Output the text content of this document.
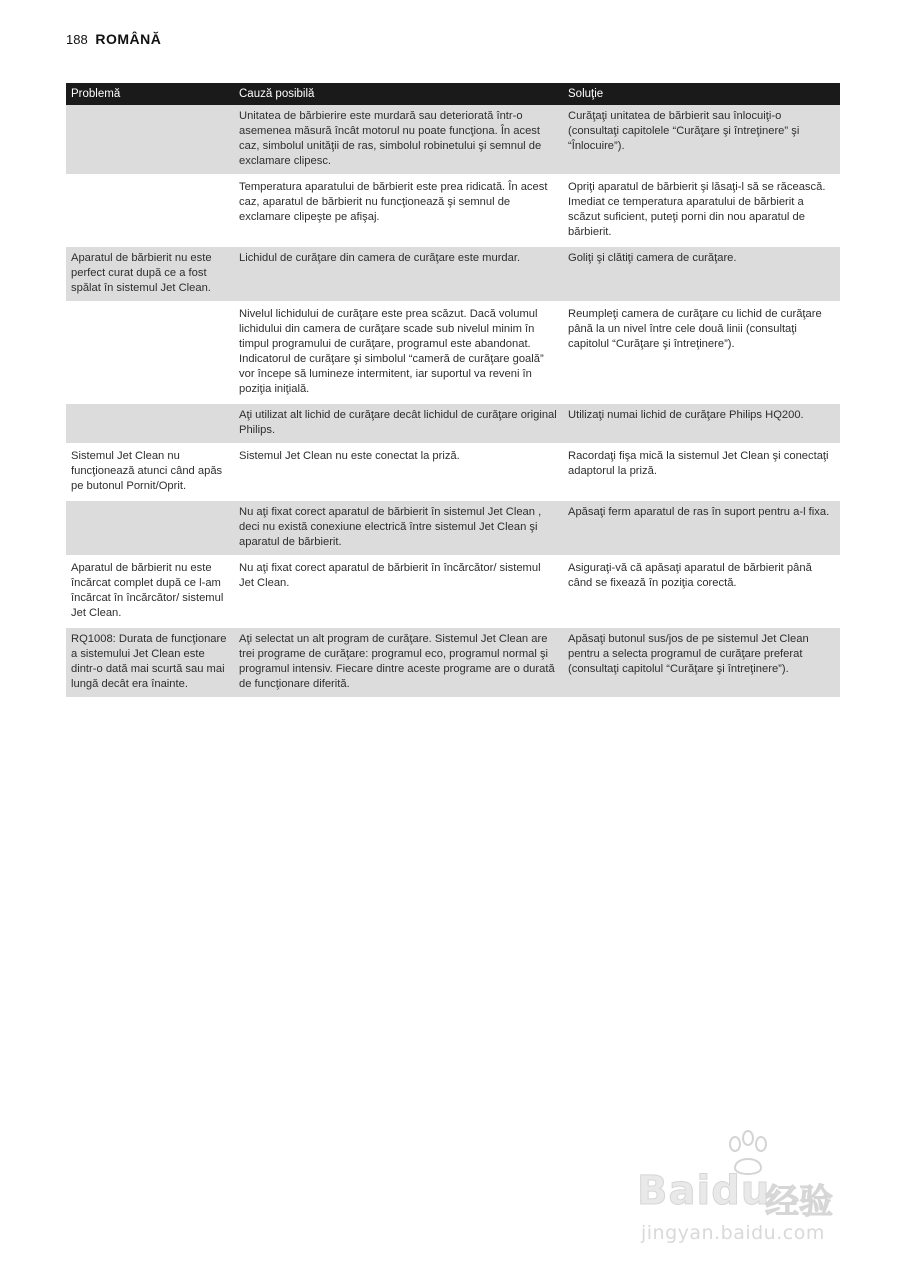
188 ROMÂNĂ
Problemă	Cauză posibilă	Soluţie
	Unitatea de bărbierire este murdară sau deteriorată într-o asemenea măsură încât motorul nu poate funcţiona. În acest caz, simbolul unităţii de ras, simbolul robinetului şi semnul de exclamare clipesc.	Curăţaţi unitatea de bărbierit sau înlocuiţi-o (consultaţi capitolele “Curăţare şi întreţinere” şi “Înlocuire”).
	Temperatura aparatului de bărbierit este prea ridicată. În acest caz, aparatul de bărbierit nu funcţionează şi semnul de exclamare clipeşte pe afişaj.	Opriţi aparatul de bărbierit şi lăsaţi-l să se răcească. Imediat ce temperatura aparatului de bărbierit a scăzut suficient, puteţi porni din nou aparatul de bărbierit.
Aparatul de bărbierit nu este perfect curat după ce a fost spălat în sistemul Jet Clean.	Lichidul de curăţare din camera de curăţare este murdar.	Goliţi şi clătiţi camera de curăţare.
	Nivelul lichidului de curăţare este prea scăzut. Dacă volumul lichidului din camera de curăţare scade sub nivelul minim în timpul programului de curăţare, programul este abandonat. Indicatorul de curăţare şi simbolul “cameră de curăţare goală” vor începe să lumineze intermitent, iar suportul va reveni în poziţia iniţială.	Reumpleţi camera de curăţare cu lichid de curăţare până la un nivel între cele două linii (consultaţi capitolul “Curăţare şi întreţinere”).
	Aţi utilizat alt lichid de curăţare decât lichidul de curăţare original Philips.	Utilizaţi numai lichid de curăţare Philips HQ200.
Sistemul Jet Clean nu funcţionează atunci când apăs pe butonul Pornit/Oprit.	Sistemul Jet Clean nu este conectat la priză.	Racordaţi fişa mică la sistemul Jet Clean şi conectaţi adaptorul la priză.
	Nu aţi fixat corect aparatul de bărbierit în sistemul Jet Clean , deci nu există conexiune electrică între sistemul Jet Clean şi aparatul de bărbierit.	Apăsaţi ferm aparatul de ras în suport pentru a-l fixa.
Aparatul de bărbierit nu este încărcat complet după ce l-am încărcat în încărcător/ sistemul Jet Clean.	Nu aţi fixat corect aparatul de bărbierit în încărcător/ sistemul Jet Clean.	Asiguraţi-vă că apăsaţi aparatul de bărbierit până când se fixează în poziţia corectă.
RQ1008: Durata de funcţionare a sistemului Jet Clean este dintr-o dată mai scurtă sau mai lungă decât era înainte.	Aţi selectat un alt program de curăţare. Sistemul Jet Clean are trei programe de curăţare: programul eco, programul normal şi programul intensiv. Fiecare dintre aceste programe are o durată de funcţionare diferită.	Apăsaţi butonul sus/jos de pe sistemul Jet Clean pentru a selecta programul de curăţare preferat (consultaţi capitolul “Curăţare şi întreţinere”).
Baidu
经验
jingyan.baidu.com
